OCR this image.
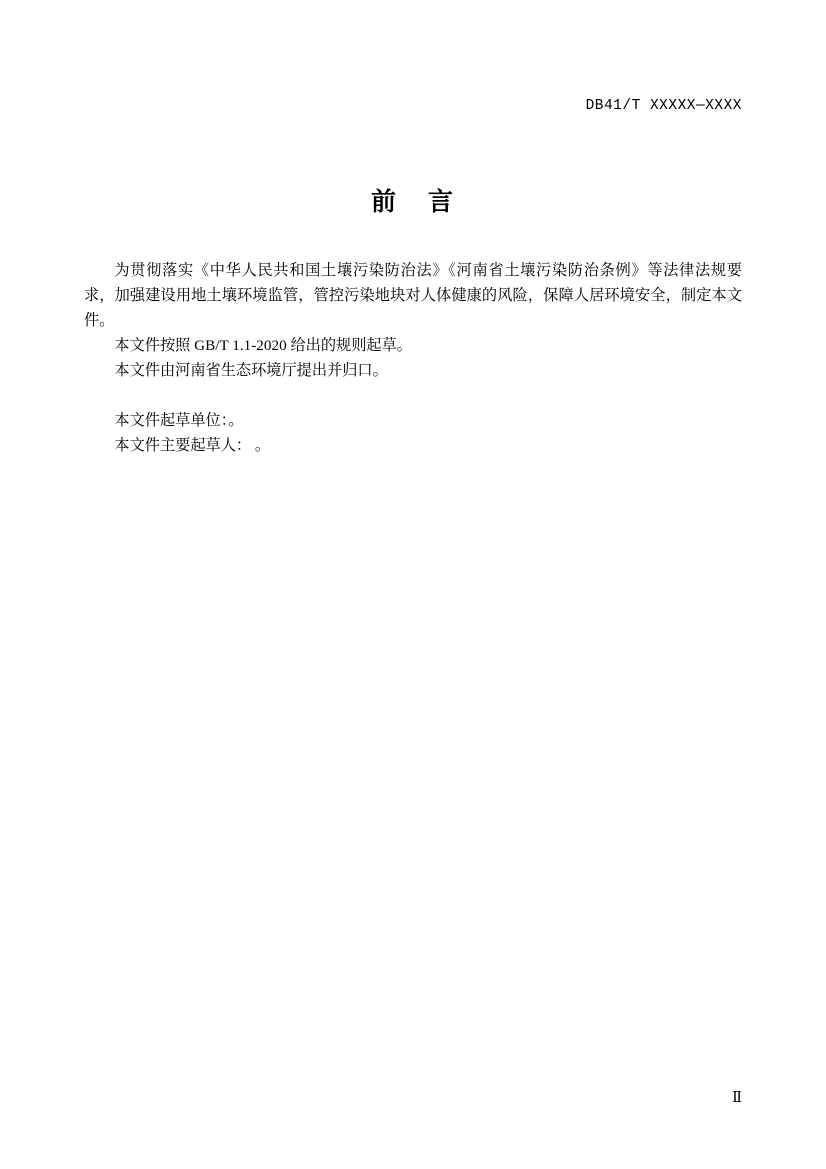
DB41/T XXXXX—XXXX
前 言

为贯彻落实《中华人民共和国土壤污染防治法》《河南省土壤污染防治条例》等法律法规要求，加强建设用地土壤环境监管，管控污染地块对人体健康的风险，保障人居环境安全，制定本文件。

本文件按照 GB/T 1.1-2020 给出的规则起草。

本文件由河南省生态环境厅提出并归口。

本文件起草单位：。

本文件主要起草人： 。

Ⅱ
